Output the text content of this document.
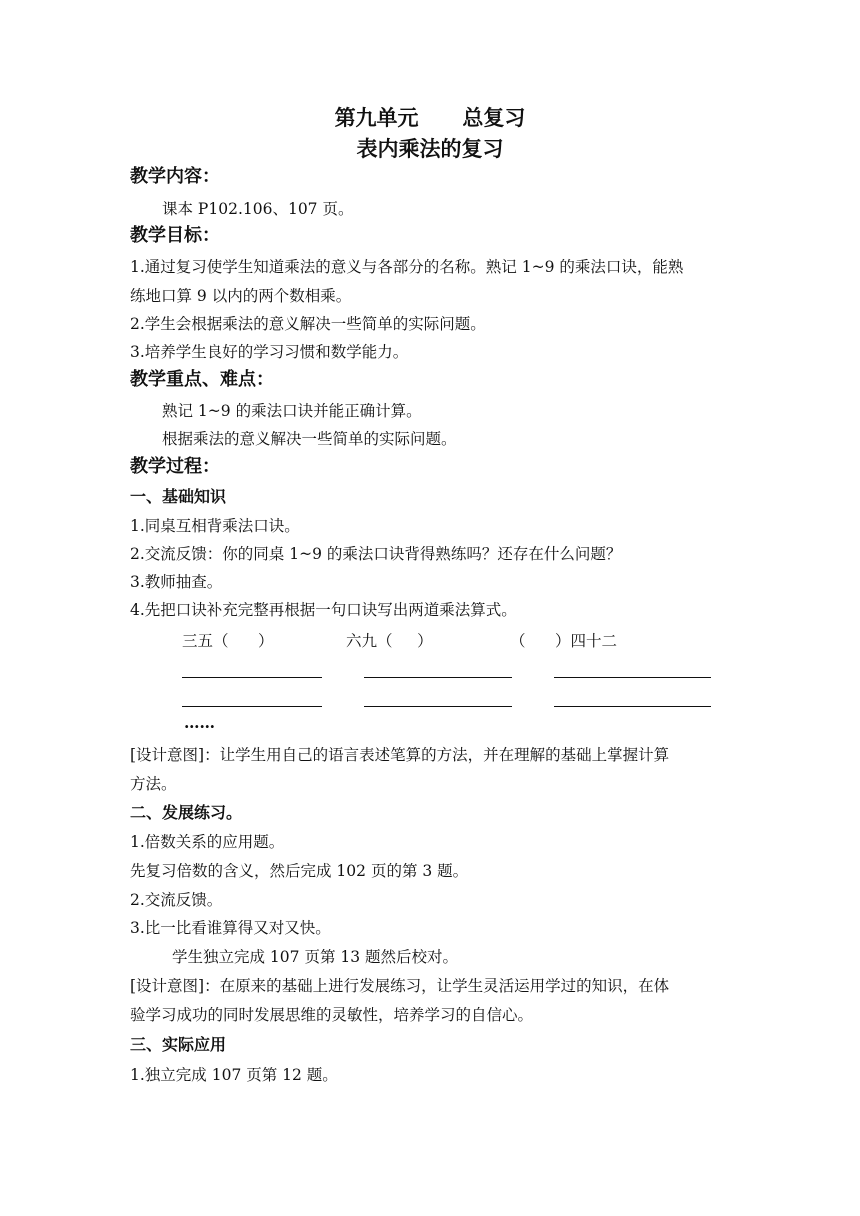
第九单元      总复习
表内乘法的复习
教学内容：
课本 P102.106、107 页。
教学目标：
1.通过复习使学生知道乘法的意义与各部分的名称。熟记 1~9 的乘法口诀，能熟
练地口算 9 以内的两个数相乘。
2.学生会根据乘法的意义解决一些简单的实际问题。
3.培养学生良好的学习习惯和数学能力。
教学重点、难点：
熟记 1~9 的乘法口诀并能正确计算。
根据乘法的意义解决一些简单的实际问题。
教学过程：
一、基础知识
1.同桌互相背乘法口诀。
2.交流反馈：你的同桌 1~9 的乘法口诀背得熟练吗？还存在什么问题？
3.教师抽查。
4.先把口诀补充完整再根据一句口诀写出两道乘法算式。
三五（      ）	六九（     ）	（      ）四十二
……
[设计意图]：让学生用自己的语言表述笔算的方法，并在理解的基础上掌握计算
方法。
二、发展练习。
1.倍数关系的应用题。
先复习倍数的含义，然后完成 102 页的第 3 题。
2.交流反馈。
3.比一比看谁算得又对又快。
学生独立完成 107 页第 13 题然后校对。
[设计意图]：在原来的基础上进行发展练习，让学生灵活运用学过的知识，在体
验学习成功的同时发展思维的灵敏性，培养学习的自信心。
三、实际应用
1.独立完成 107 页第 12 题。
